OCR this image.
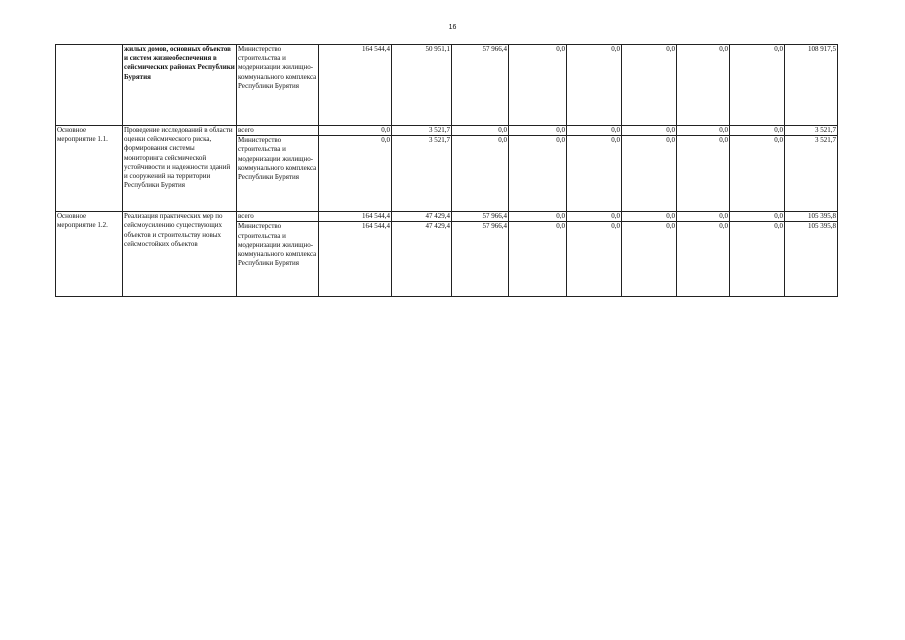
16
	жилых домов, основных объектов и систем жизнеобеспечения в сейсмических районах Республики Бурятия	Министерство строительства и модернизации жилищно-коммунального комплекса Республики Бурятия	164 544,4	50 951,1	57 966,4	0,0	0,0	0,0	0,0	0,0	108 917,5
Основное мероприятие 1.1.	Проведение исследований в области оценки сейсмического риска, формирования системы мониторинга сейсмической устойчивости и надежности зданий и сооружений на территории Республики Бурятия	всего	0,0	3 521,7	0,0	0,0	0,0	0,0	0,0	0,0	3 521,7
		Министерство строительства и модернизации жилищно-коммунального комплекса Республики Бурятия	0,0	3 521,7	0,0	0,0	0,0	0,0	0,0	0,0	3 521,7
Основное мероприятие 1.2.	Реализация практических мер по сейсмоусилению существующих объектов и строительству новых сейсмостойких объектов	всего	164 544,4	47 429,4	57 966,4	0,0	0,0	0,0	0,0	0,0	105 395,8
		Министерство строительства и модернизации жилищно-коммунального комплекса Республики Бурятия	164 544,4	47 429,4	57 966,4	0,0	0,0	0,0	0,0	0,0	105 395,8
